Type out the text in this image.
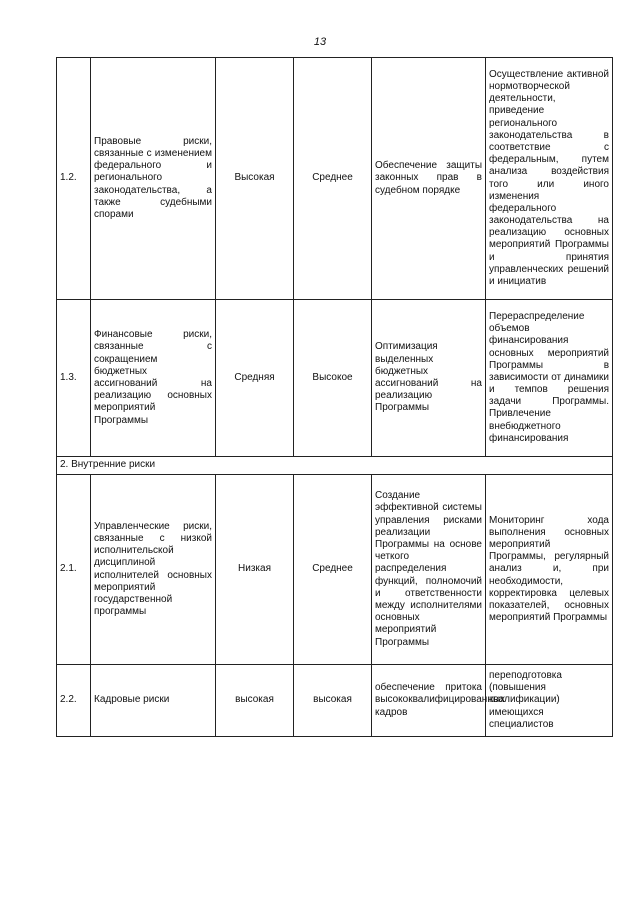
13
1.2.	Правовые риски, связанные с изменением федерального и регионального законодательства, а также судебными спорами	Высокая	Среднее	Обеспечение защиты законных прав в судебном порядке	Осуществление активной нормотворческой деятельности, приведение регионального законодательства в соответствие с федеральным, путем анализа воздействия того или иного изменения федерального законодательства на реализацию основных мероприятий Программы и принятия управленческих решений и инициатив
1.3.	Финансовые риски, связанные с сокращением бюджетных ассигнований на реализацию основных мероприятий Программы	Средняя	Высокое	Оптимизация выделенных бюджетных ассигнований на реализацию Программы	Перераспределение объемов финансирования основных мероприятий Программы в зависимости от динамики и темпов решения задачи Программы. Привлечение внебюджетного финансирования
2. Внутренние риски					
2.1.	Управленческие риски, связанные с низкой исполнительской дисциплиной исполнителей основных мероприятий государственной программы	Низкая	Среднее	Создание эффективной системы управления рисками реализации Программы на основе четкого распределения функций, полномочий и ответственности между исполнителями основных мероприятий Программы	Мониторинг хода выполнения основных мероприятий Программы, регулярный анализ и, при необходимости, корректировка целевых показателей, основных мероприятий Программы
2.2.	Кадровые риски	высокая	высокая	обеспечение притока высококвалифицированных кадров	переподготовка (повышения квалификации) имеющихся специалистов
